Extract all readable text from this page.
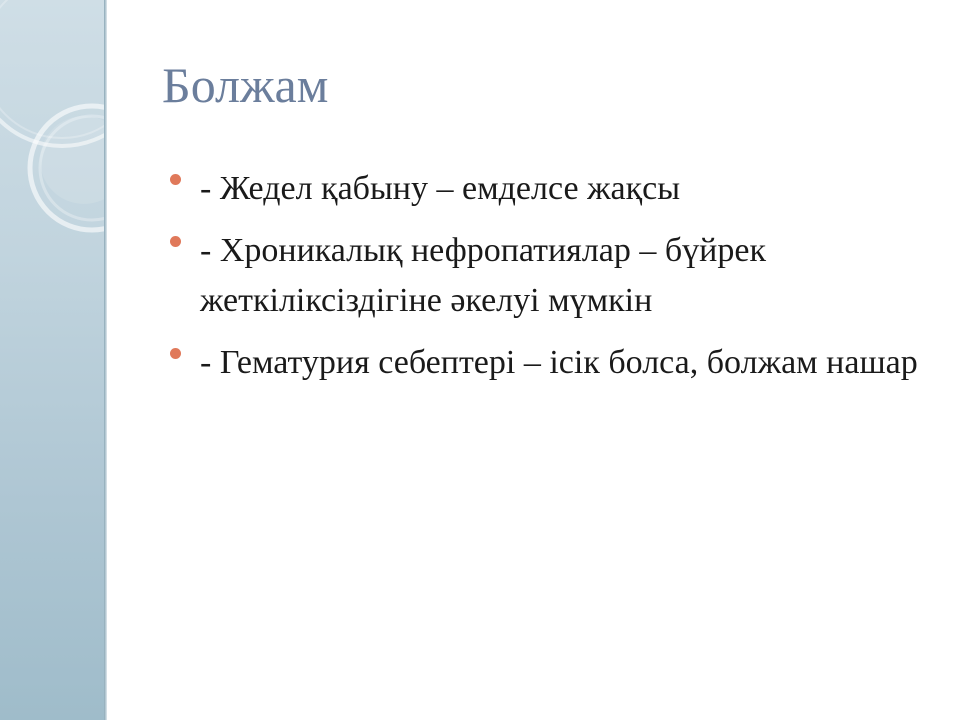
Болжам
- Жедел қабыну – емделсе жақсы
- Хроникалық нефропатиялар – бүйрек жеткіліксіздігіне әкелуі мүмкін
- Гематурия себептері – ісік болса, болжам нашар
